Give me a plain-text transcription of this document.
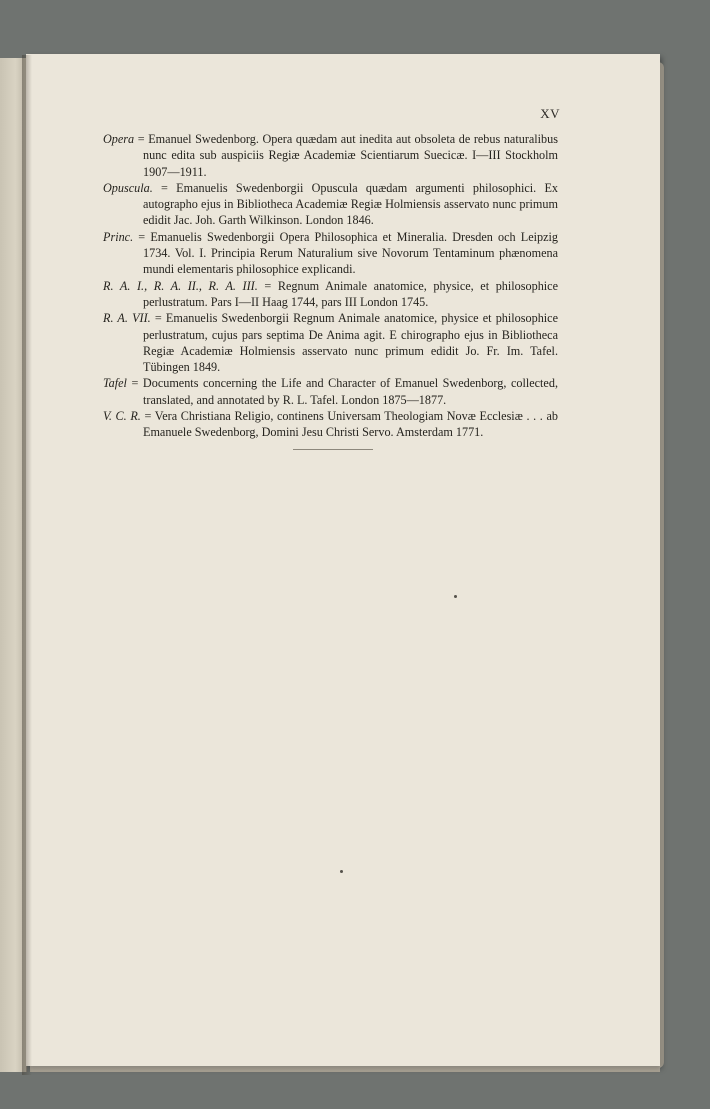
XV
Opera = Emanuel Swedenborg. Opera quædam aut inedita aut obsoleta de rebus naturalibus nunc edita sub auspiciis Regiæ Academiæ Scientiarum Suecicæ. I—III Stockholm 1907—1911.
Opuscula. = Emanuelis Swedenborgii Opuscula quædam argumenti philosophici. Ex autographo ejus in Bibliotheca Academiæ Regiæ Holmiensis asservato nunc primum edidit Jac. Joh. Garth Wilkinson. London 1846.
Princ. = Emanuelis Swedenborgii Opera Philosophica et Mineralia. Dresden och Leipzig 1734. Vol. I. Principia Rerum Naturalium sive Novorum Tentaminum phænomena mundi elementaris philosophice explicandi.
R. A. I., R. A. II., R. A. III. = Regnum Animale anatomice, physice, et philosophice perlustratum. Pars I—II Haag 1744, pars III London 1745.
R. A. VII. = Emanuelis Swedenborgii Regnum Animale anatomice, physice et philosophice perlustratum, cujus pars septima De Anima agit. E chirographo ejus in Bibliotheca Regiæ Academiæ Holmiensis asservato nunc primum edidit Jo. Fr. Im. Tafel. Tübingen 1849.
Tafel = Documents concerning the Life and Character of Emanuel Swedenborg, collected, translated, and annotated by R. L. Tafel. London 1875—1877.
V. C. R. = Vera Christiana Religio, continens Universam Theologiam Novæ Ecclesiæ . . . ab Emanuele Swedenborg, Domini Jesu Christi Servo. Amsterdam 1771.
